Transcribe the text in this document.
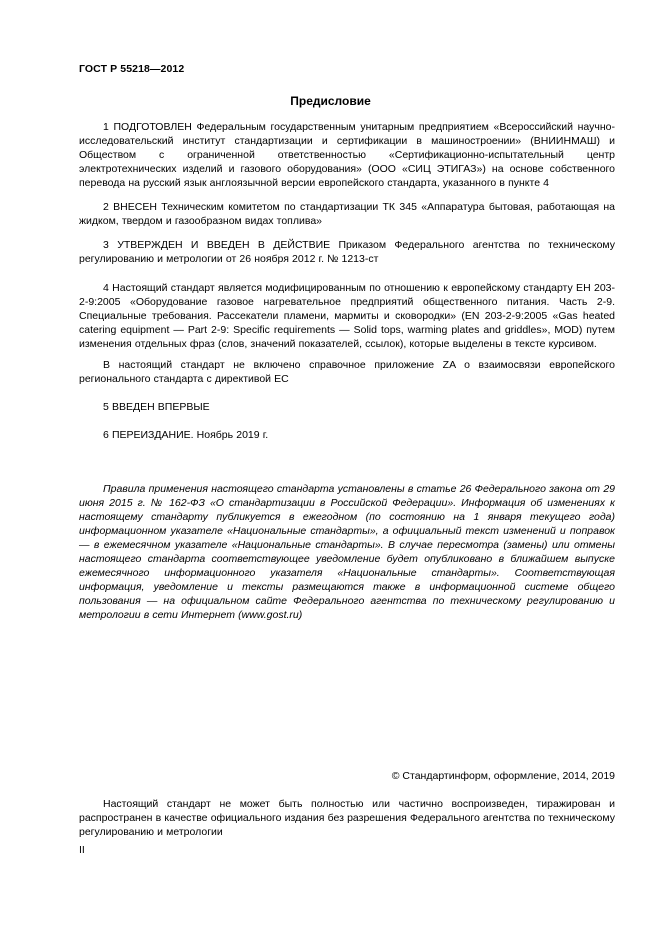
ГОСТ Р 55218—2012
Предисловие

1 ПОДГОТОВЛЕН Федеральным государственным унитарным предприятием «Всероссийский научно-исследовательский институт стандартизации и сертификации в машиностроении» (ВНИИНМАШ) и Обществом с ограниченной ответственностью «Сертификационно-испытательный центр электротехнических изделий и газового оборудования» (ООО «СИЦ ЭТИГАЗ») на основе собственного перевода на русский язык англоязычной версии европейского стандарта, указанного в пункте 4

2 ВНЕСЕН Техническим комитетом по стандартизации ТК 345 «Аппаратура бытовая, работающая на жидком, твердом и газообразном видах топлива»

3 УТВЕРЖДЕН И ВВЕДЕН В ДЕЙСТВИЕ Приказом Федерального агентства по техническому регулированию и метрологии от 26 ноября 2012 г. № 1213-ст

4 Настоящий стандарт является модифицированным по отношению к европейскому стандарту ЕН 203-2-9:2005 «Оборудование газовое нагревательное предприятий общественного питания. Часть 2-9. Специальные требования. Рассекатели пламени, мармиты и сковородки» (EN 203-2-9:2005 «Gas heated catering equipment — Part 2-9: Specific requirements — Solid tops, warming plates and griddles», MOD) путем изменения отдельных фраз (слов, значений показателей, ссылок), которые выделены в тексте курсивом.

В настоящий стандарт не включено справочное приложение ZA о взаимосвязи европейского регионального стандарта с директивой ЕС

5 ВВЕДЕН ВПЕРВЫЕ

6 ПЕРЕИЗДАНИЕ. Ноябрь 2019 г.

Правила применения настоящего стандарта установлены в статье 26 Федерального закона от 29 июня 2015 г. № 162-ФЗ «О стандартизации в Российской Федерации». Информация об изменениях к настоящему стандарту публикуется в ежегодном (по состоянию на 1 января текущего года) информационном указателе «Национальные стандарты», а официальный текст изменений и поправок — в ежемесячном указателе «Национальные стандарты». В случае пересмотра (замены) или отмены настоящего стандарта соответствующее уведомление будет опубликовано в ближайшем выпуске ежемесячного информационного указателя «Национальные стандарты». Соответствующая информация, уведомление и тексты размещаются также в информационной системе общего пользования — на официальном сайте Федерального агентства по техническому регулированию и метрологии в сети Интернет (www.gost.ru)

© Стандартинформ, оформление, 2014, 2019

Настоящий стандарт не может быть полностью или частично воспроизведен, тиражирован и распространен в качестве официального издания без разрешения Федерального агентства по техническому регулированию и метрологии

II
